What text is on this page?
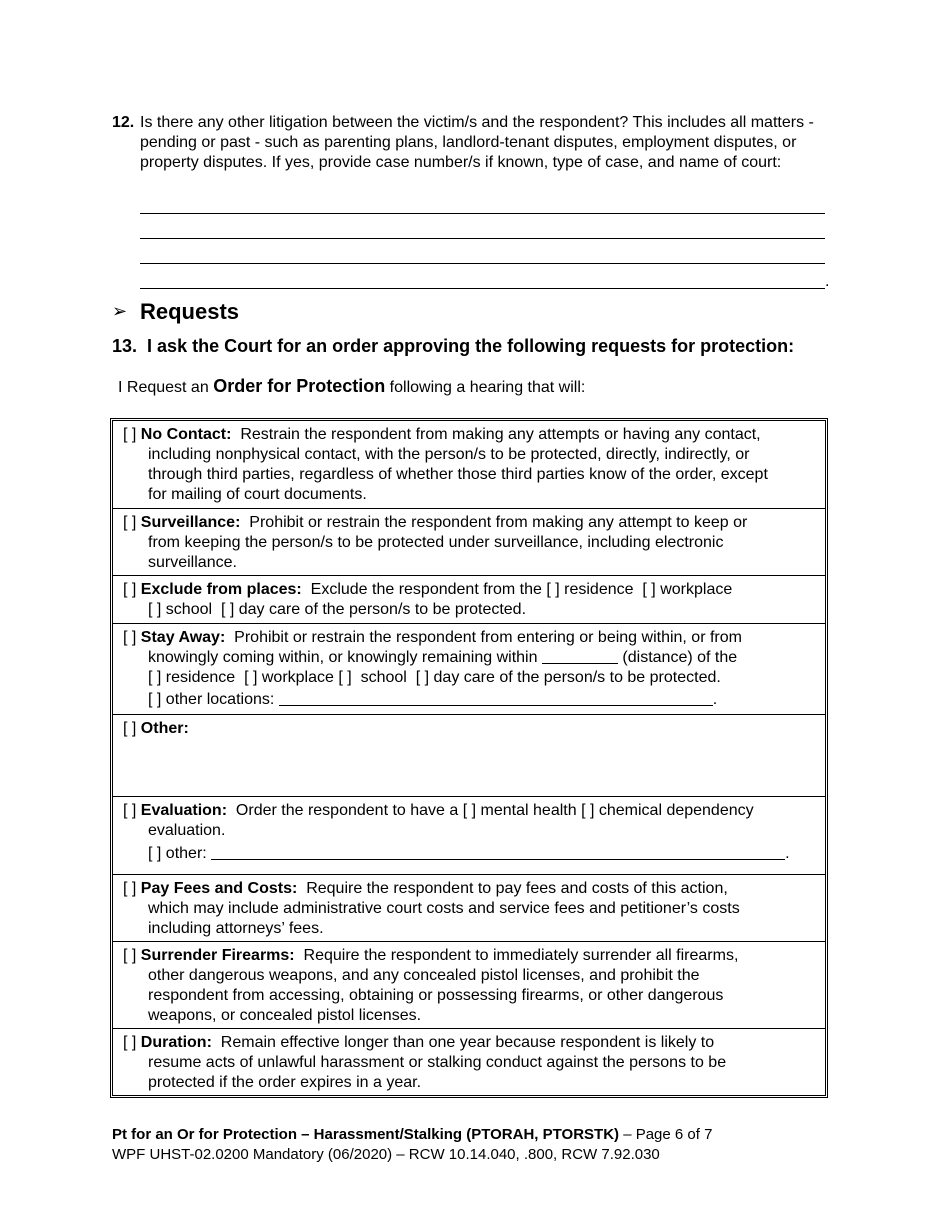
12. Is there any other litigation between the victim/s and the respondent? This includes all matters - pending or past - such as parenting plans, landlord-tenant disputes, employment disputes, or property disputes. If yes, provide case number/s if known, type of case, and name of court:
.
➢ Requests
13. I ask the Court for an order approving the following requests for protection:
I Request an Order for Protection following a hearing that will:
[ ] No Contact: Restrain the respondent from making any attempts or having any contact,
including nonphysical contact, with the person/s to be protected, directly, indirectly, or
through third parties, regardless of whether those third parties know of the order, except
for mailing of court documents.
[ ] Surveillance: Prohibit or restrain the respondent from making any attempt to keep or
from keeping the person/s to be protected under surveillance, including electronic
surveillance.
[ ] Exclude from places: Exclude the respondent from the [ ] residence [ ] workplace
[ ] school [ ] day care of the person/s to be protected.
[ ] Stay Away: Prohibit or restrain the respondent from entering or being within, or from
knowingly coming within, or knowingly remaining within	(distance) of the
[ ] residence [ ] workplace [ ] school [ ] day care of the person/s to be protected.
[ ] other locations:	.
[ ] Other:
[ ] Evaluation: Order the respondent to have a [ ] mental health [ ] chemical dependency
evaluation.
[ ] other:	.
[ ] Pay Fees and Costs: Require the respondent to pay fees and costs of this action,
which may include administrative court costs and service fees and petitioner’s costs
including attorneys’ fees.
[ ] Surrender Firearms: Require the respondent to immediately surrender all firearms,
other dangerous weapons, and any concealed pistol licenses, and prohibit the
respondent from accessing, obtaining or possessing firearms, or other dangerous
weapons, or concealed pistol licenses.
[ ] Duration: Remain effective longer than one year because respondent is likely to
resume acts of unlawful harassment or stalking conduct against the persons to be
protected if the order expires in a year.
Pt for an Or for Protection – Harassment/Stalking (PTORAH, PTORSTK) – Page 6 of 7
WPF UHST-02.0200 Mandatory (06/2020) – RCW 10.14.040, .800, RCW 7.92.030
